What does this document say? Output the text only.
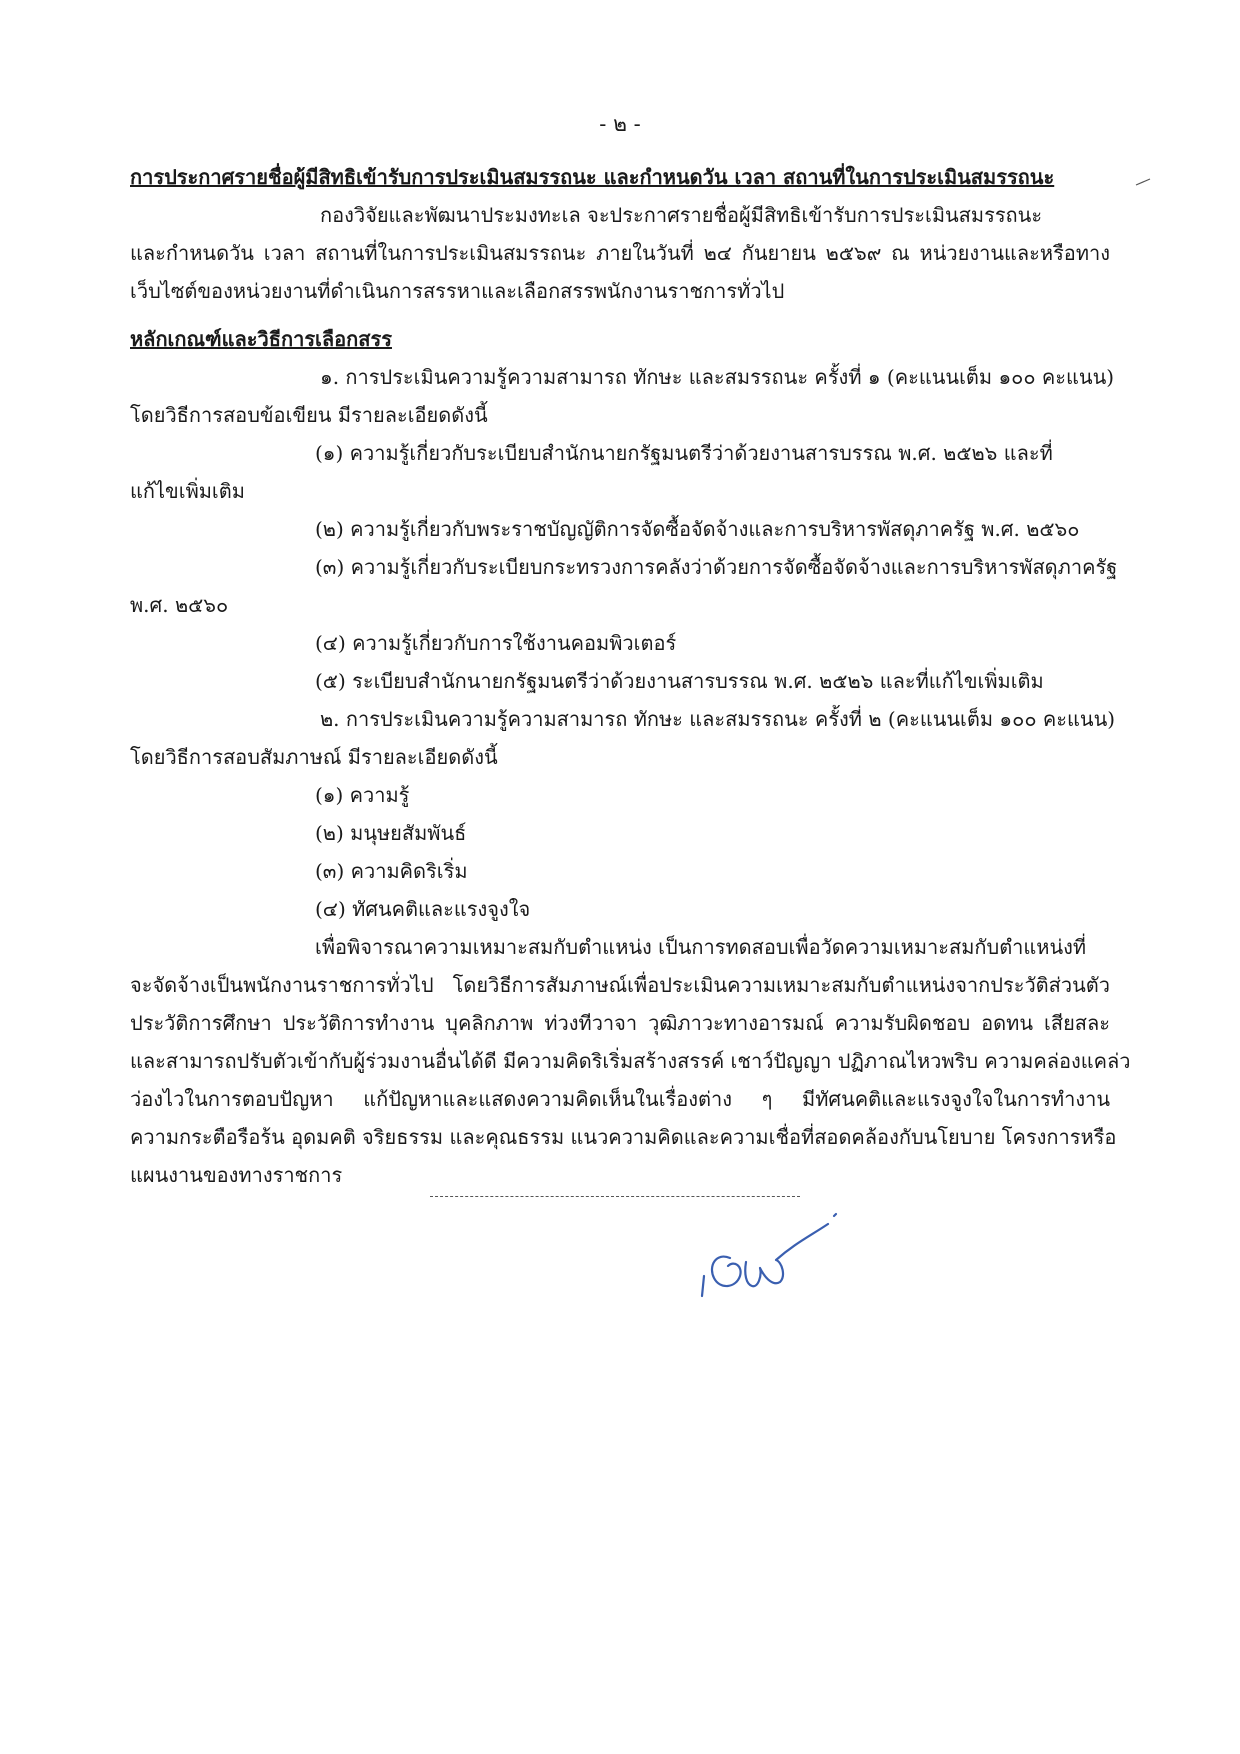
- ๒ -
การประกาศรายชื่อผู้มีสิทธิเข้ารับการประเมินสมรรถนะ และกำหนดวัน เวลา สถานที่ในการประเมินสมรรถนะ
กองวิจัยและพัฒนาประมงทะเล จะประกาศรายชื่อผู้มีสิทธิเข้ารับการประเมินสมรรถนะ
และกำหนดวัน เวลา สถานที่ในการประเมินสมรรถนะ ภายในวันที่ ๒๔ กันยายน ๒๕๖๙ ณ หน่วยงานและหรือทาง
เว็บไซต์ของหน่วยงานที่ดำเนินการสรรหาและเลือกสรรพนักงานราชการทั่วไป
หลักเกณฑ์และวิธีการเลือกสรร
๑. การประเมินความรู้ความสามารถ ทักษะ และสมรรถนะ ครั้งที่ ๑ (คะแนนเต็ม ๑๐๐ คะแนน)
โดยวิธีการสอบข้อเขียน มีรายละเอียดดังนี้
(๑) ความรู้เกี่ยวกับระเบียบสำนักนายกรัฐมนตรีว่าด้วยงานสารบรรณ พ.ศ. ๒๕๒๖ และที่
แก้ไขเพิ่มเติม
(๒) ความรู้เกี่ยวกับพระราชบัญญัติการจัดซื้อจัดจ้างและการบริหารพัสดุภาครัฐ พ.ศ. ๒๕๖๐
(๓) ความรู้เกี่ยวกับระเบียบกระทรวงการคลังว่าด้วยการจัดซื้อจัดจ้างและการบริหารพัสดุภาครัฐ
พ.ศ. ๒๕๖๐
(๔) ความรู้เกี่ยวกับการใช้งานคอมพิวเตอร์
(๕) ระเบียบสำนักนายกรัฐมนตรีว่าด้วยงานสารบรรณ พ.ศ. ๒๕๒๖ และที่แก้ไขเพิ่มเติม
๒. การประเมินความรู้ความสามารถ ทักษะ และสมรรถนะ ครั้งที่ ๒ (คะแนนเต็ม ๑๐๐ คะแนน)
โดยวิธีการสอบสัมภาษณ์ มีรายละเอียดดังนี้
(๑) ความรู้
(๒) มนุษยสัมพันธ์
(๓) ความคิดริเริ่ม
(๔) ทัศนคติและแรงจูงใจ
เพื่อพิจารณาความเหมาะสมกับตำแหน่ง เป็นการทดสอบเพื่อวัดความเหมาะสมกับตำแหน่งที่
จะจัดจ้างเป็นพนักงานราชการทั่วไป โดยวิธีการสัมภาษณ์เพื่อประเมินความเหมาะสมกับตำแหน่งจากประวัติส่วนตัว
ประวัติการศึกษา ประวัติการทำงาน บุคลิกภาพ ท่วงทีวาจา วุฒิภาวะทางอารมณ์ ความรับผิดชอบ อดทน เสียสละ
และสามารถปรับตัวเข้ากับผู้ร่วมงานอื่นได้ดี มีความคิดริเริ่มสร้างสรรค์ เชาว์ปัญญา ปฏิภาณไหวพริบ ความคล่องแคล่ว
ว่องไวในการตอบปัญหา แก้ปัญหาและแสดงความคิดเห็นในเรื่องต่าง ๆ มีทัศนคติและแรงจูงใจในการทำงาน
ความกระตือรือร้น อุดมคติ จริยธรรม และคุณธรรม แนวความคิดและความเชื่อที่สอดคล้องกับนโยบาย โครงการหรือ
แผนงานของทางราชการ
